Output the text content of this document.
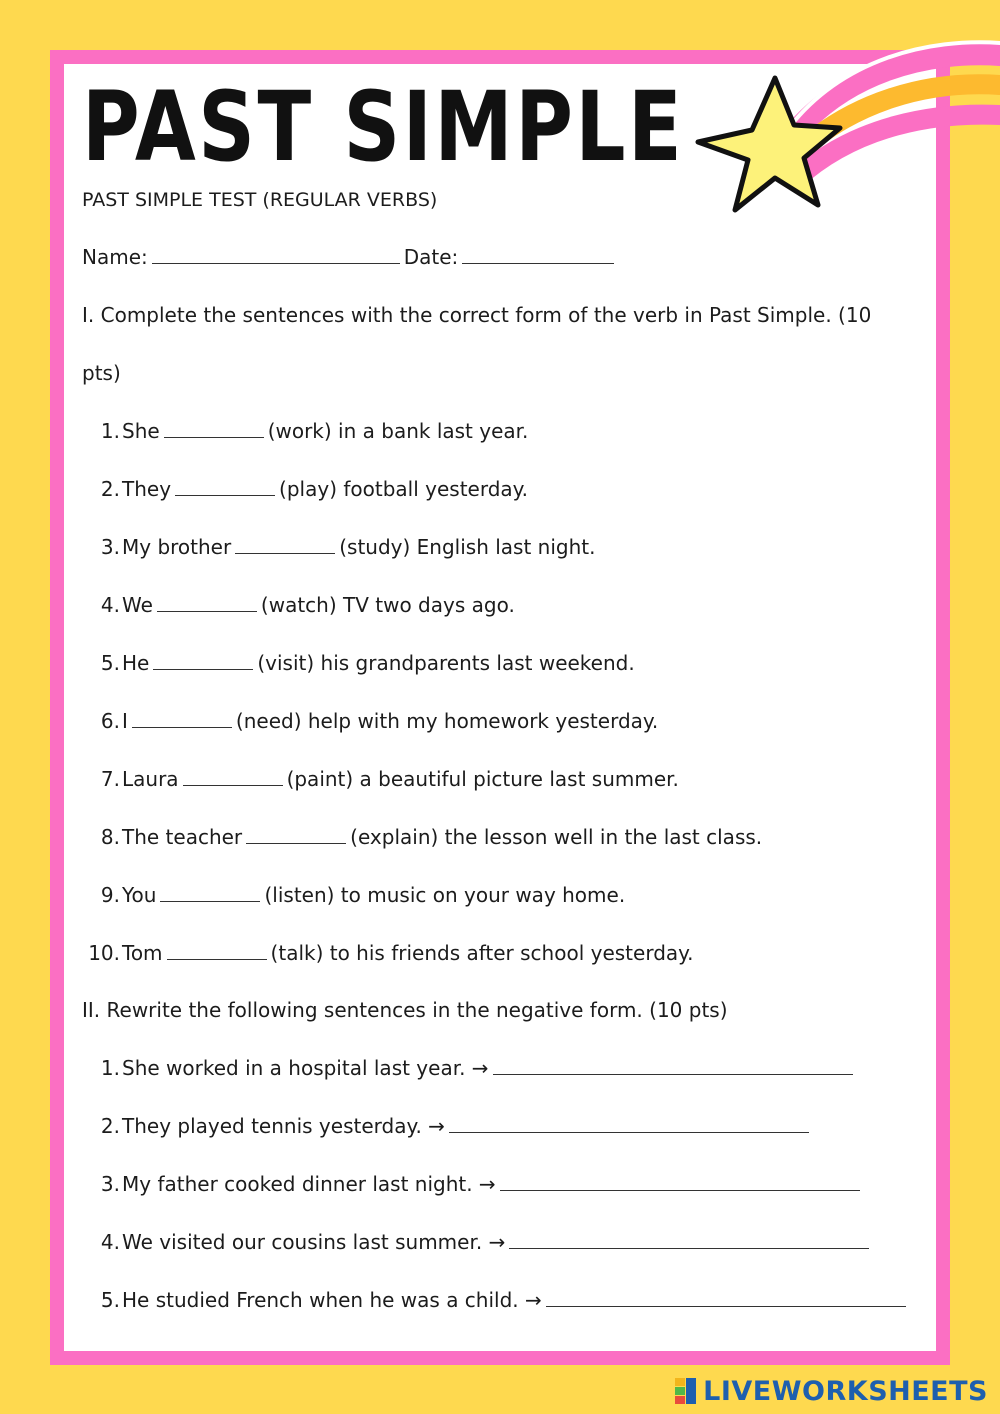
PAST SIMPLE
PAST SIMPLE TEST (REGULAR VERBS)
Name:	Date:
I. Complete the sentences with the correct form of the verb in Past Simple. (10
pts)
1. She	(work) in a bank last year.
2. They	(play) football yesterday.
3. My brother	(study) English last night.
4. We	(watch) TV two days ago.
5. He	(visit) his grandparents last weekend.
6. I	(need) help with my homework yesterday.
7. Laura	(paint) a beautiful picture last summer.
8. The teacher	(explain) the lesson well in the last class.
9. You	(listen) to music on your way home.
10. Tom	(talk) to his friends after school yesterday.
II. Rewrite the following sentences in the negative form. (10 pts)
1. She worked in a hospital last year. →
2. They played tennis yesterday. →
3. My father cooked dinner last night. →
4. We visited our cousins last summer. →
5. He studied French when he was a child. →
LIVEWORKSHEETS
